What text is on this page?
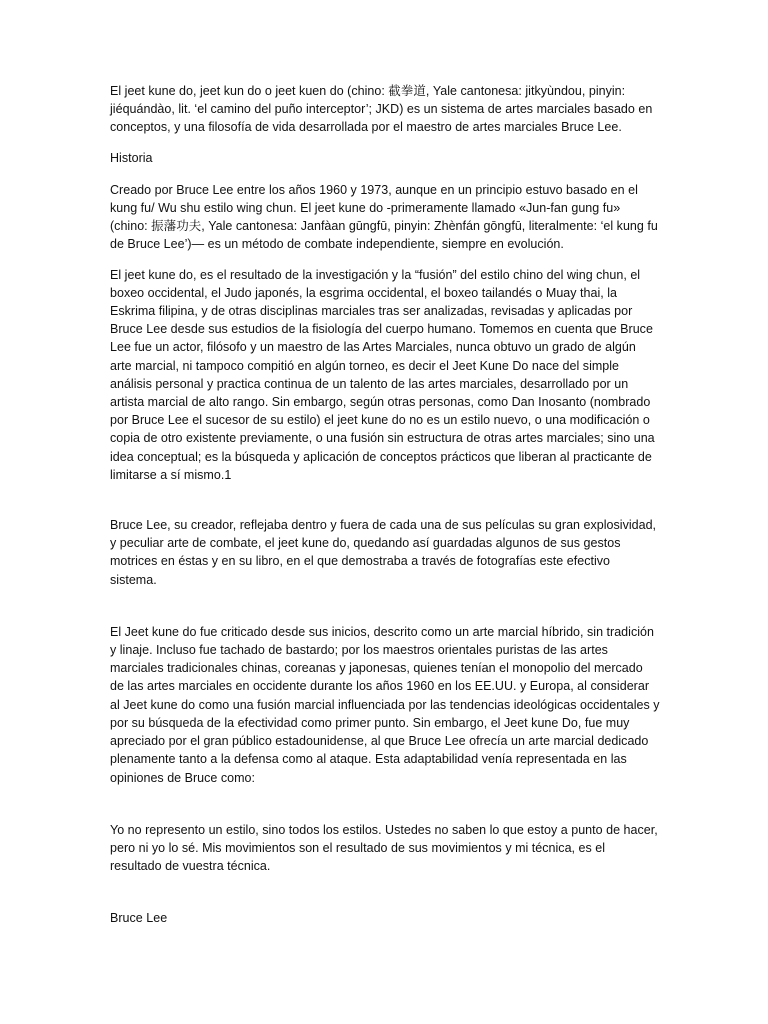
El jeet kune do, jeet kun do o jeet kuen do (chino: 截拳道, Yale cantonesa: jitkyùndou, pinyin: jiéquándào, lit. ‘el camino del puño interceptor’; JKD) es un sistema de artes marciales basado en conceptos, y una filosofía de vida desarrollada por el maestro de artes marciales Bruce Lee.

Historia

Creado por Bruce Lee entre los años 1960 y 1973, aunque en un principio estuvo basado en el kung fu/ Wu shu estilo wing chun. El jeet kune do -primeramente llamado «Jun-fan gung fu» (chino: 振藩功夫, Yale cantonesa: Janfàan gūngfū, pinyin: Zhènfán gōngfū, literalmente: ‘el kung fu de Bruce Lee’)— es un método de combate independiente, siempre en evolución.

El jeet kune do, es el resultado de la investigación y la “fusión” del estilo chino del wing chun, el boxeo occidental, el Judo japonés, la esgrima occidental, el boxeo tailandés o Muay thai, la Eskrima filipina, y de otras disciplinas marciales tras ser analizadas, revisadas y aplicadas por Bruce Lee desde sus estudios de la fisiología del cuerpo humano. Tomemos en cuenta que Bruce Lee fue un actor, filósofo y un maestro de las Artes Marciales, nunca obtuvo un grado de algún arte marcial, ni tampoco compitió en algún torneo, es decir el Jeet Kune Do nace del simple análisis personal y practica continua de un talento de las artes marciales, desarrollado por un artista marcial de alto rango. Sin embargo, según otras personas, como Dan Inosanto (nombrado por Bruce Lee el sucesor de su estilo) el jeet kune do no es un estilo nuevo, o una modificación o copia de otro existente previamente, o una fusión sin estructura de otras artes marciales; sino una idea conceptual; es la búsqueda y aplicación de conceptos prácticos que liberan al practicante de limitarse a sí mismo.1

Bruce Lee, su creador, reflejaba dentro y fuera de cada una de sus películas su gran explosividad, y peculiar arte de combate, el jeet kune do, quedando así guardadas algunos de sus gestos motrices en éstas y en su libro, en el que demostraba a través de fotografías este efectivo sistema.

El Jeet kune do fue criticado desde sus inicios, descrito como un arte marcial híbrido, sin tradición y linaje. Incluso fue tachado de bastardo; por los maestros orientales puristas de las artes marciales tradicionales chinas, coreanas y japonesas, quienes tenían el monopolio del mercado de las artes marciales en occidente durante los años 1960 en los EE.UU. y Europa, al considerar al Jeet kune do como una fusión marcial influenciada por las tendencias ideológicas occidentales y por su búsqueda de la efectividad como primer punto. Sin embargo, el Jeet kune Do, fue muy apreciado por el gran público estadounidense, al que Bruce Lee ofrecía un arte marcial dedicado plenamente tanto a la defensa como al ataque. Esta adaptabilidad venía representada en las opiniones de Bruce como:

Yo no represento un estilo, sino todos los estilos. Ustedes no saben lo que estoy a punto de hacer, pero ni yo lo sé. Mis movimientos son el resultado de sus movimientos y mi técnica, es el resultado de vuestra técnica.

Bruce Lee
